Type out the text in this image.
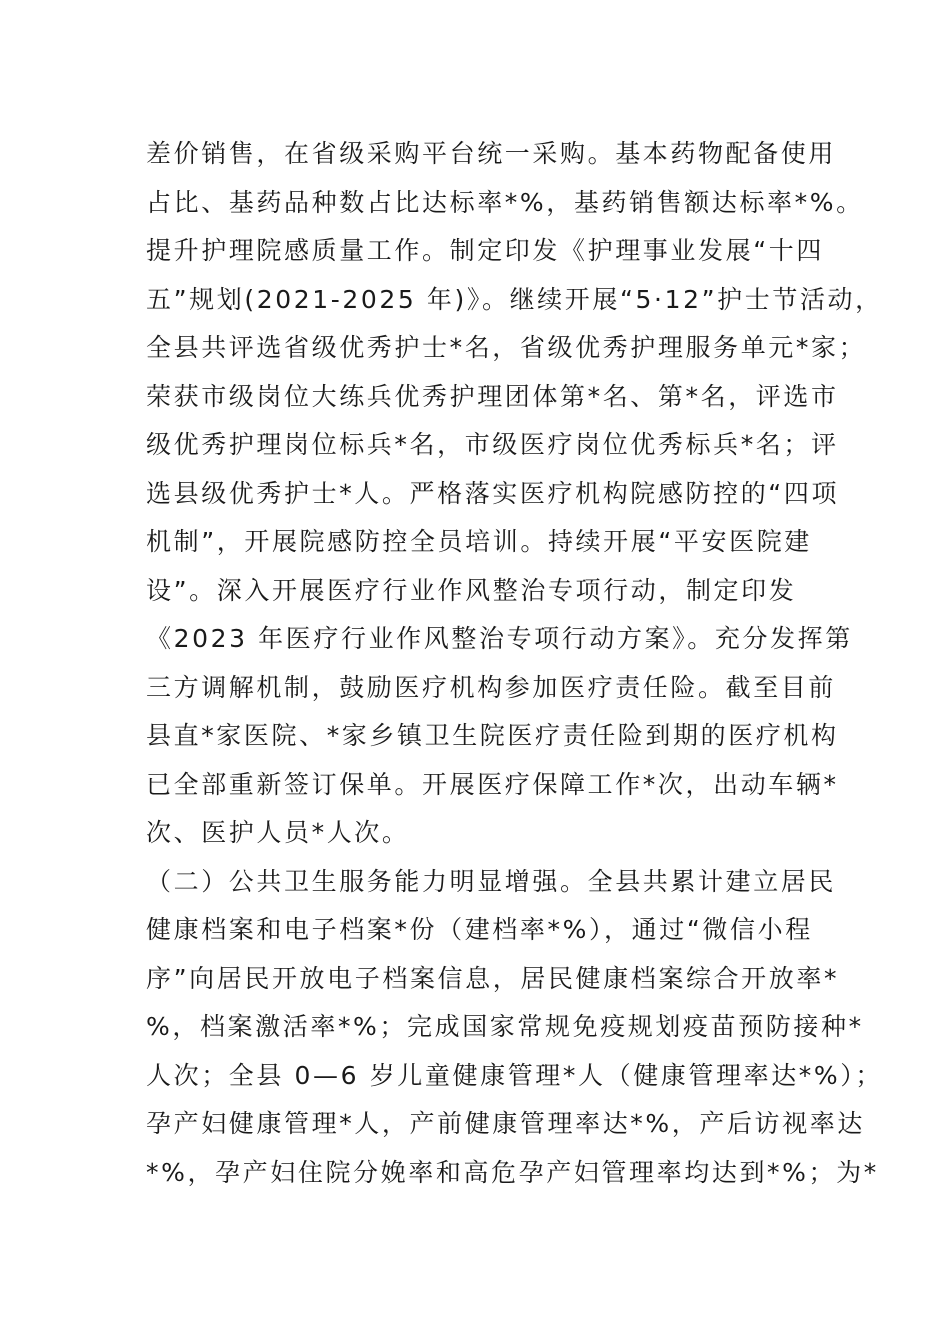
差价销售，在省级采购平台统一采购。基本药物配备使用
占比、基药品种数占比达标率*%，基药销售额达标率*%。
提升护理院感质量工作。制定印发《护理事业发展“十四
五”规划(2021-2025 年)》。继续开展“5·12”护士节活动，
全县共评选省级优秀护士*名，省级优秀护理服务单元*家；
荣获市级岗位大练兵优秀护理团体第*名、第*名，评选市
级优秀护理岗位标兵*名，市级医疗岗位优秀标兵*名；评
选县级优秀护士*人。严格落实医疗机构院感防控的“四项
机制”，开展院感防控全员培训。持续开展“平安医院建
设”。深入开展医疗行业作风整治专项行动，制定印发
《2023 年医疗行业作风整治专项行动方案》。充分发挥第
三方调解机制，鼓励医疗机构参加医疗责任险。截至目前
县直*家医院、*家乡镇卫生院医疗责任险到期的医疗机构
已全部重新签订保单。开展医疗保障工作*次，出动车辆*
次、医护人员*人次。
（二）公共卫生服务能力明显增强。全县共累计建立居民
健康档案和电子档案*份（建档率*%），通过“微信小程
序”向居民开放电子档案信息，居民健康档案综合开放率*
%，档案激活率*%；完成国家常规免疫规划疫苗预防接种*
人次；全县 0—6 岁儿童健康管理*人（健康管理率达*%）；
孕产妇健康管理*人，产前健康管理率达*%，产后访视率达
*%，孕产妇住院分娩率和高危孕产妇管理率均达到*%；为*
